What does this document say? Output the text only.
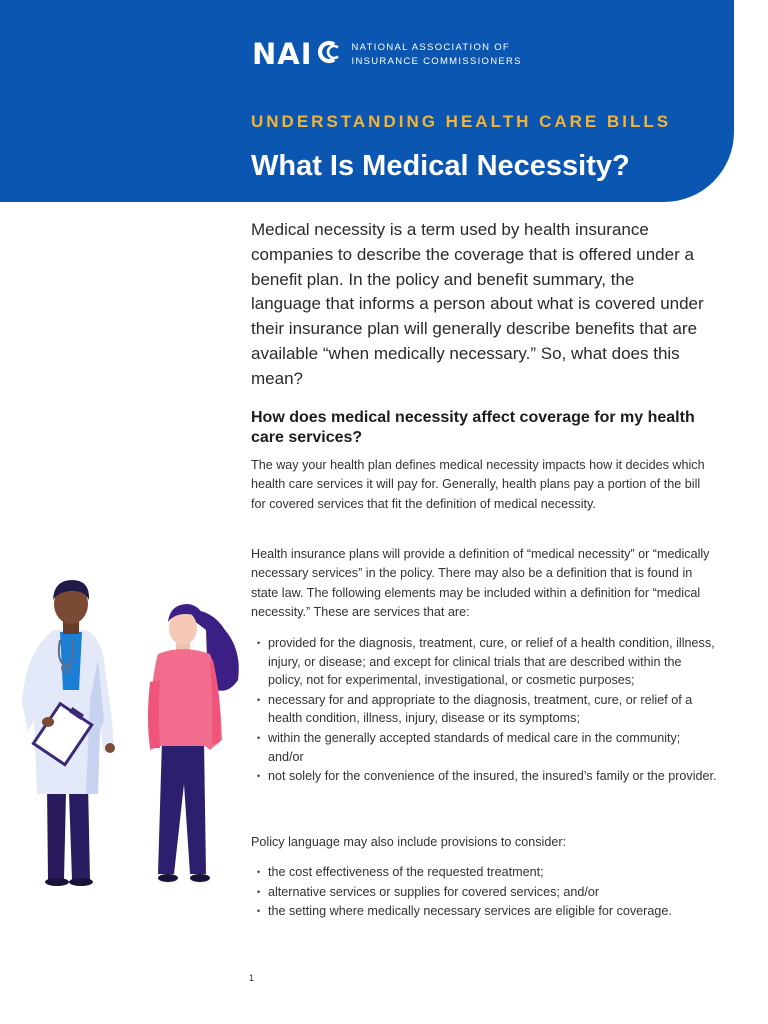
NAI	NATIONAL ASSOCIATION OF
INSURANCE COMMISSIONERS
UNDERSTANDING HEALTH CARE BILLS
What Is Medical Necessity?

Medical necessity is a term used by health insurance companies to describe the coverage that is offered under a benefit plan. In the policy and benefit summary, the language that informs a person about what is covered under their insurance plan will generally describe benefits that are available “when medically necessary.” So, what does this mean?

How does medical necessity affect coverage for my health care services?

The way your health plan defines medical necessity impacts how it decides which health care services it will pay for. Generally, health plans pay a portion of the bill for covered services that fit the definition of medical necessity.

Health insurance plans will provide a definition of “medical necessity” or “medically necessary services” in the policy. There may also be a definition that is found in state law. The following elements may be included within a definition for “medical necessity.” These are services that are:

• provided for the diagnosis, treatment, cure, or relief of a health condition, illness, injury, or disease; and except for clinical trials that are described within the policy, not for experimental, investigational, or cosmetic purposes;
• necessary for and appropriate to the diagnosis, treatment, cure, or relief of a health condition, illness, injury, disease or its symptoms;
• within the generally accepted standards of medical care in the community; and/or
• not solely for the convenience of the insured, the insured’s family or the provider.

Policy language may also include provisions to consider:

• the cost effectiveness of the requested treatment;
• alternative services or supplies for covered services; and/or
• the setting where medically necessary services are eligible for coverage.
1
